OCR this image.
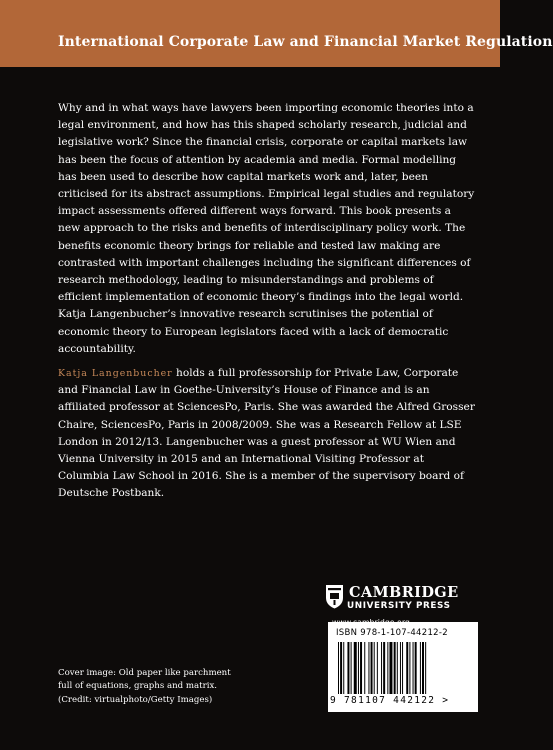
International Corporate Law and Financial Market Regulation
Why and in what ways have lawyers been importing economic theories into a legal environment, and how has this shaped scholarly research, judicial and legislative work? Since the financial crisis, corporate or capital markets law has been the focus of attention by academia and media. Formal modelling has been used to describe how capital markets work and, later, been criticised for its abstract assumptions. Empirical legal studies and regulatory impact assessments offered different ways forward. This book presents a new approach to the risks and benefits of interdisciplinary policy work. The benefits economic theory brings for reliable and tested law making are contrasted with important challenges including the significant differences of research methodology, leading to misunderstandings and problems of efficient implementation of economic theory’s findings into the legal world. Katja Langenbucher’s innovative research scrutinises the potential of economic theory to European legislators faced with a lack of democratic accountability.
Katja Langenbucher holds a full professorship for Private Law, Corporate and Financial Law in Goethe-University’s House of Finance and is an affiliated professor at SciencesPo, Paris. She was awarded the Alfred Grosser Chaire, SciencesPo, Paris in 2008/2009. She was a Research Fellow at LSE London in 2012/13. Langenbucher was a guest professor at WU Wien and Vienna University in 2015 and an International Visiting Professor at Columbia Law School in 2016. She is a member of the supervisory board of Deutsche Postbank.
Cover image: Old paper like parchment
full of equations, graphs and matrix.
(Credit: virtualphoto/Getty Images)
CAMBRIDGE
UNIVERSITY PRESS
ISBN 978-1-107-44212-2
9 781107 442122 >
